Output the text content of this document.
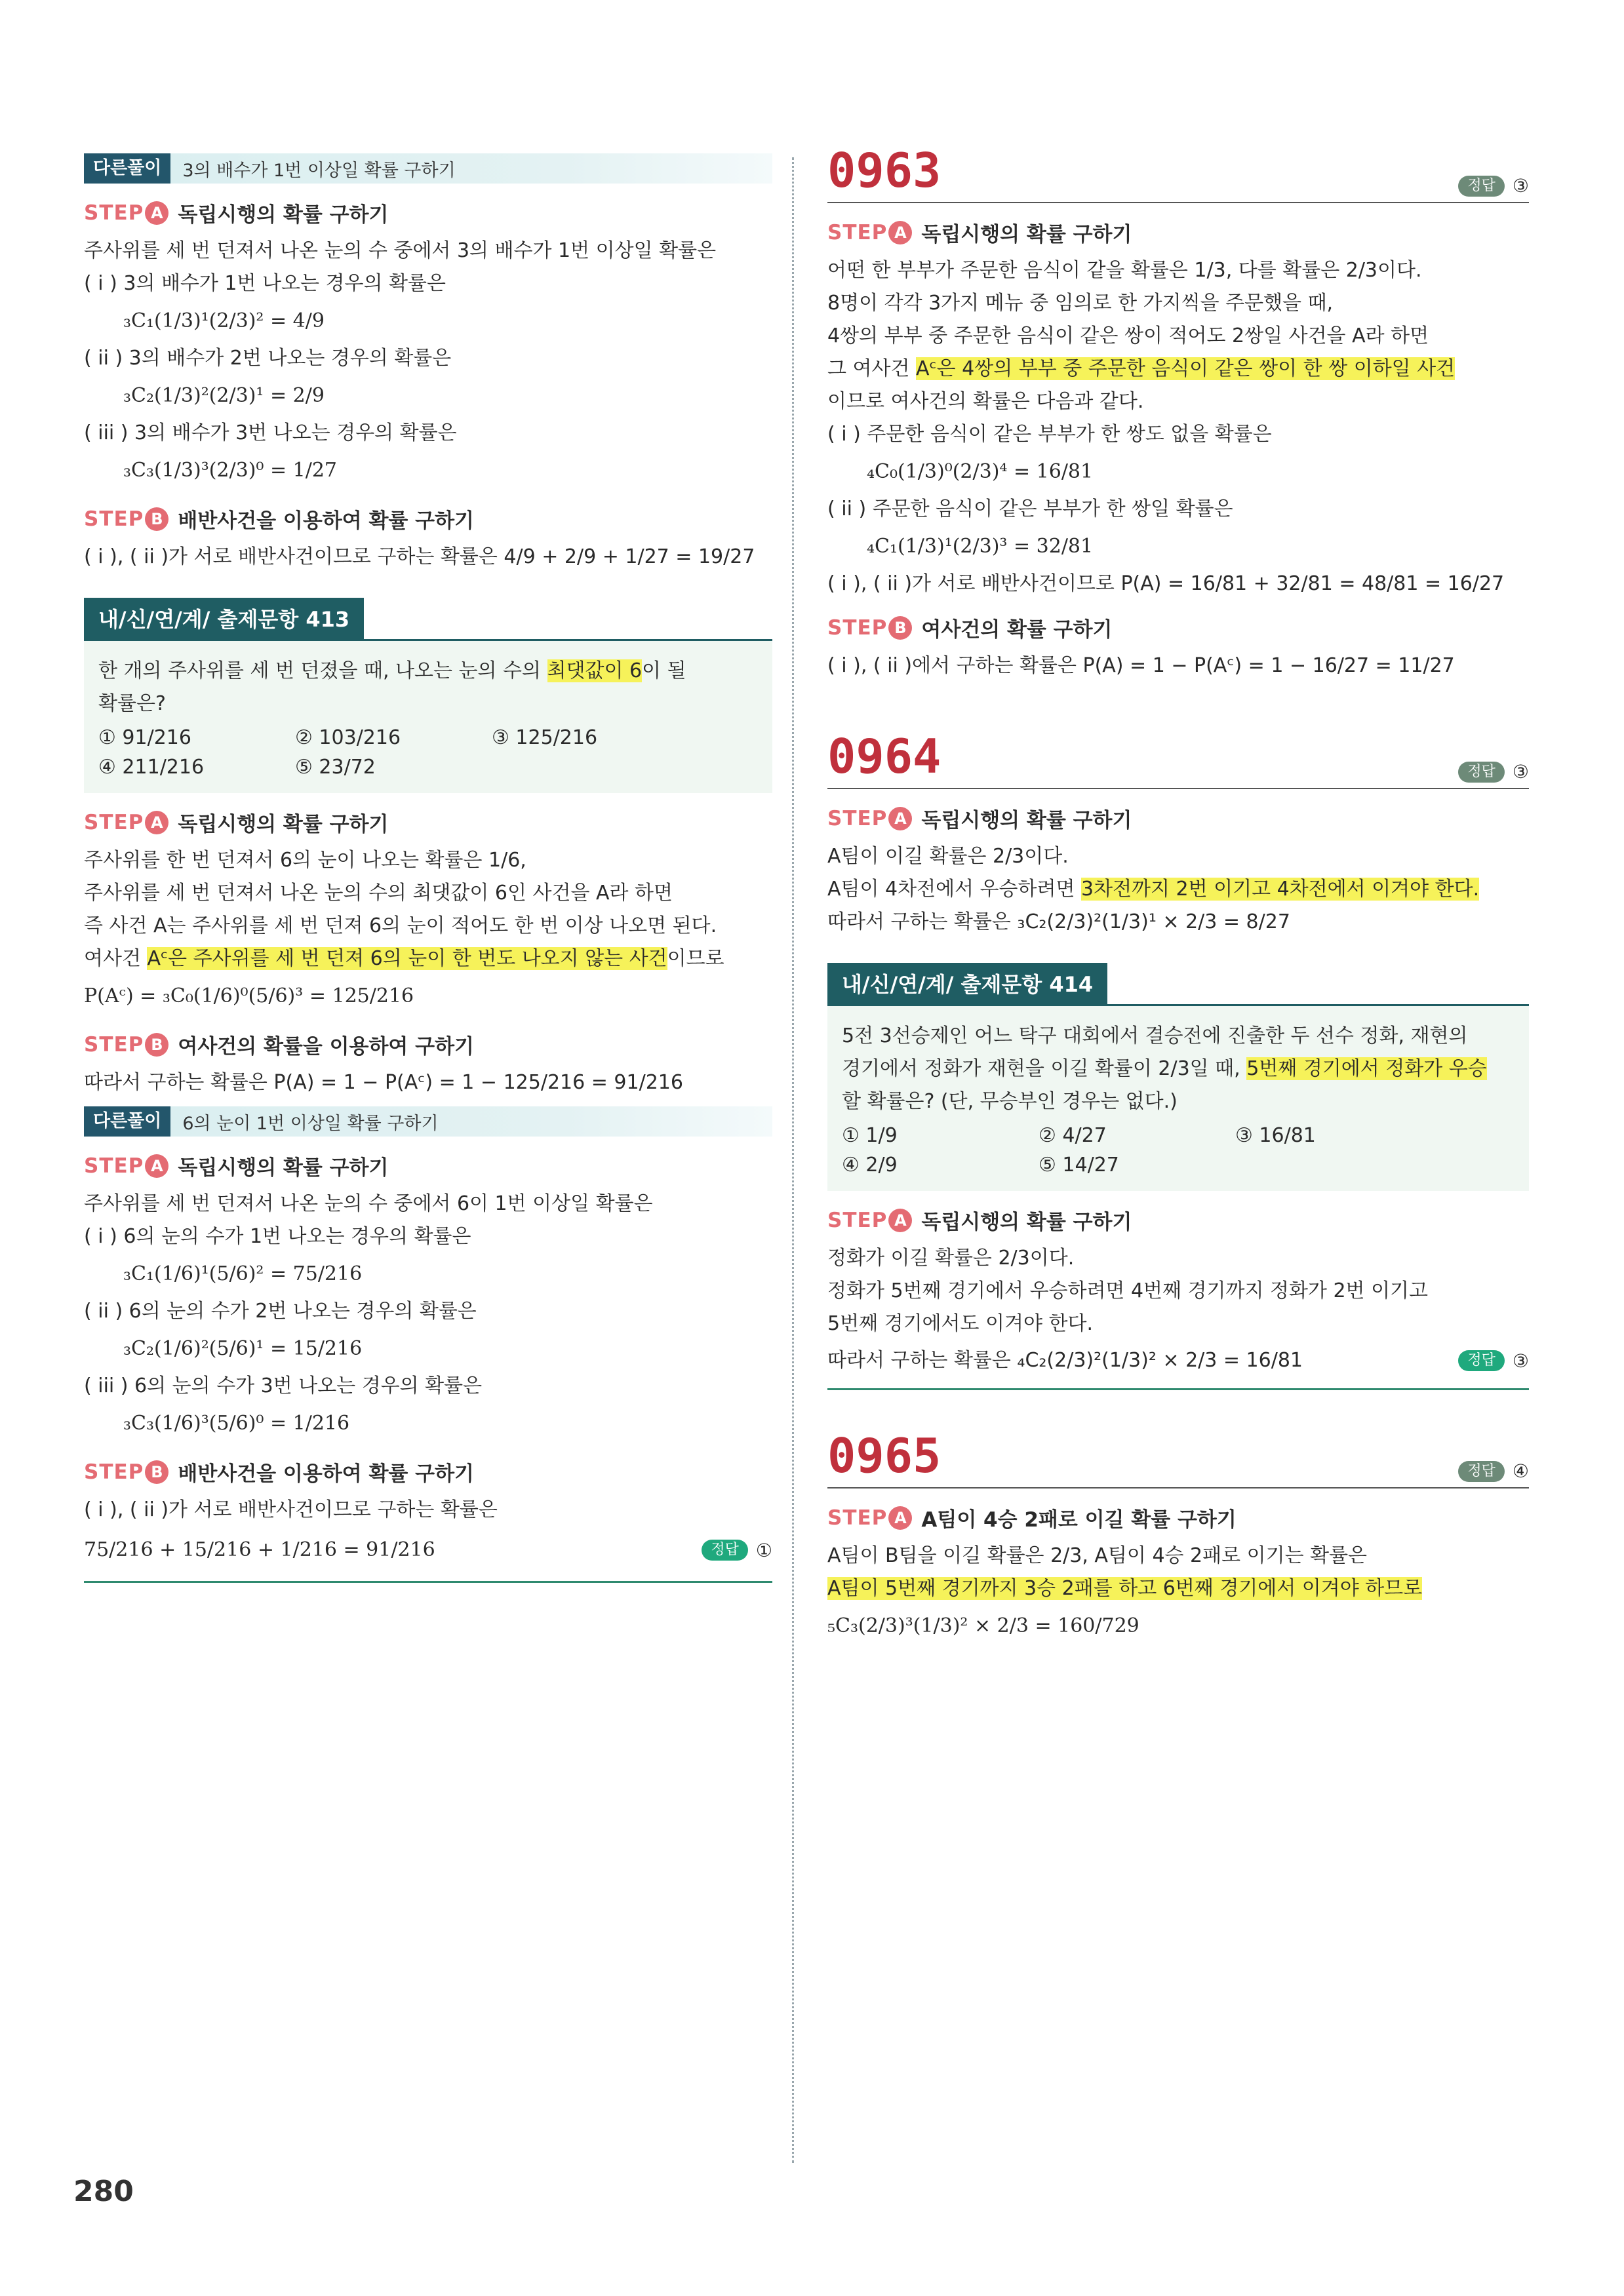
다른풀이	3의 배수가 1번 이상일 확률 구하기
STEP A 독립시행의 확률 구하기

주사위를 세 번 던져서 나온 눈의 수 중에서 3의 배수가 1번 이상일 확률은

( i ) 3의 배수가 1번 나오는 경우의 확률은

₃C₁(1/3)¹(2/3)² = 4/9

( ii ) 3의 배수가 2번 나오는 경우의 확률은

₃C₂(1/3)²(2/3)¹ = 2/9

( iii ) 3의 배수가 3번 나오는 경우의 확률은

₃C₃(1/3)³(2/3)⁰ = 1/27
STEP B 배반사건을 이용하여 확률 구하기

( i ), ( ii )가 서로 배반사건이므로 구하는 확률은 4/9 + 2/9 + 1/27 = 19/27

내/신/연/계/ 출제문항 413

한 개의 주사위를 세 번 던졌을 때, 나오는 눈의 수의 최댓값이 6이 될

확률은?

① 91/216	② 103/216	③ 125/216
④ 211/216	⑤ 23/72
STEP A 독립시행의 확률 구하기

주사위를 한 번 던져서 6의 눈이 나오는 확률은 1/6,

주사위를 세 번 던져서 나온 눈의 수의 최댓값이 6인 사건을 A라 하면

즉 사건 A는 주사위를 세 번 던져 6의 눈이 적어도 한 번 이상 나오면 된다.

여사건 Aᶜ은 주사위를 세 번 던져 6의 눈이 한 번도 나오지 않는 사건이므로

P(Aᶜ) = ₃C₀(1/6)⁰(5/6)³ = 125/216
STEP B 여사건의 확률을 이용하여 구하기

따라서 구하는 확률은 P(A) = 1 − P(Aᶜ) = 1 − 125/216 = 91/216

다른풀이	6의 눈이 1번 이상일 확률 구하기
STEP A 독립시행의 확률 구하기

주사위를 세 번 던져서 나온 눈의 수 중에서 6이 1번 이상일 확률은

( i ) 6의 눈의 수가 1번 나오는 경우의 확률은

₃C₁(1/6)¹(5/6)² = 75/216

( ii ) 6의 눈의 수가 2번 나오는 경우의 확률은

₃C₂(1/6)²(5/6)¹ = 15/216

( iii ) 6의 눈의 수가 3번 나오는 경우의 확률은

₃C₃(1/6)³(5/6)⁰ = 1/216
STEP B 배반사건을 이용하여 확률 구하기

( i ), ( ii )가 서로 배반사건이므로 구하는 확률은

75/216 + 15/216 + 1/216 = 91/216	정답 ①
0963	정답 ③
STEP A 독립시행의 확률 구하기

어떤 한 부부가 주문한 음식이 같을 확률은 1/3, 다를 확률은 2/3이다.

8명이 각각 3가지 메뉴 중 임의로 한 가지씩을 주문했을 때,

4쌍의 부부 중 주문한 음식이 같은 쌍이 적어도 2쌍일 사건을 A라 하면

그 여사건 Aᶜ은 4쌍의 부부 중 주문한 음식이 같은 쌍이 한 쌍 이하일 사건

이므로 여사건의 확률은 다음과 같다.

( i ) 주문한 음식이 같은 부부가 한 쌍도 없을 확률은

₄C₀(1/3)⁰(2/3)⁴ = 16/81

( ii ) 주문한 음식이 같은 부부가 한 쌍일 확률은

₄C₁(1/3)¹(2/3)³ = 32/81

( i ), ( ii )가 서로 배반사건이므로 P(A) = 16/81 + 32/81 = 48/81 = 16/27

STEP B 여사건의 확률 구하기

( i ), ( ii )에서 구하는 확률은 P(A) = 1 − P(Aᶜ) = 1 − 16/27 = 11/27

0964	정답 ③
STEP A 독립시행의 확률 구하기

A팀이 이길 확률은 2/3이다.

A팀이 4차전에서 우승하려면 3차전까지 2번 이기고 4차전에서 이겨야 한다.

따라서 구하는 확률은 ₃C₂(2/3)²(1/3)¹ × 2/3 = 8/27

내/신/연/계/ 출제문항 414

5전 3선승제인 어느 탁구 대회에서 결승전에 진출한 두 선수 정화, 재현의

경기에서 정화가 재현을 이길 확률이 2/3일 때, 5번째 경기에서 정화가 우승

할 확률은? (단, 무승부인 경우는 없다.)

① 1/9	② 4/27	③ 16/81
④ 2/9	⑤ 14/27
STEP A 독립시행의 확률 구하기

정화가 이길 확률은 2/3이다.

정화가 5번째 경기에서 우승하려면 4번째 경기까지 정화가 2번 이기고

5번째 경기에서도 이겨야 한다.

따라서 구하는 확률은 ₄C₂(2/3)²(1/3)² × 2/3 = 16/81	정답 ③
0965	정답 ④
STEP A A팀이 4승 2패로 이길 확률 구하기

A팀이 B팀을 이길 확률은 2/3, A팀이 4승 2패로 이기는 확률은

A팀이 5번째 경기까지 3승 2패를 하고 6번째 경기에서 이겨야 하므로

₅C₃(2/3)³(1/3)² × 2/3 = 160/729
280
